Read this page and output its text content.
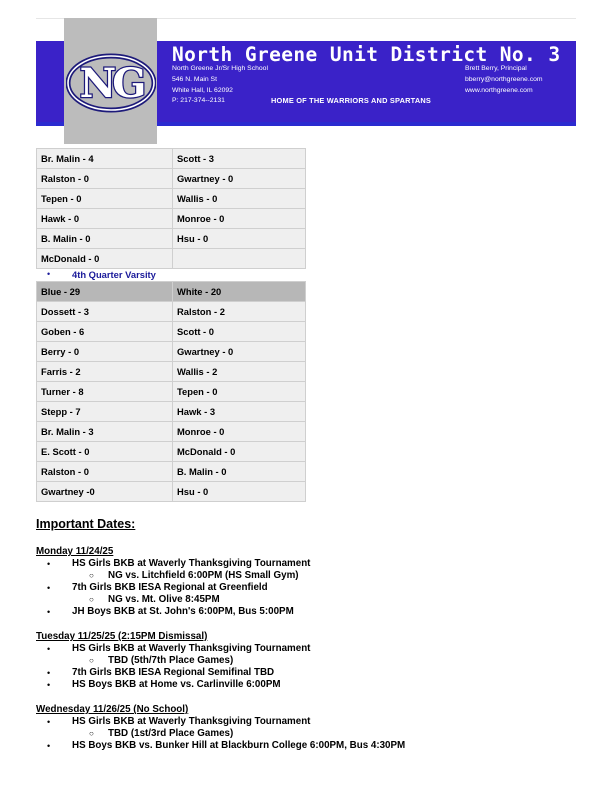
NG
North Greene Unit District No. 3
North Greene Jr/Sr High School
546 N. Main St
White Hall, IL 62092
P: 217-374--2131
Brett Berry, Principal
bberry@northgreene.com
www.northgreene.com
HOME OF THE WARRIORS AND SPARTANS
Br. Malin - 4	Scott - 3
Ralston - 0	Gwartney - 0
Tepen - 0	Wallis - 0
Hawk - 0	Monroe - 0
B. Malin - 0	Hsu - 0
McDonald - 0	
• 4th Quarter Varsity
Blue - 29	White - 20
Dossett - 3	Ralston - 2
Goben - 6	Scott - 0
Berry - 0	Gwartney - 0
Farris - 2	Wallis - 2
Turner - 8	Tepen - 0
Stepp - 7	Hawk - 3
Br. Malin - 3	Monroe - 0
E. Scott - 0	McDonald - 0
Ralston - 0	B. Malin - 0
Gwartney -0	Hsu - 0
Important Dates:
Monday 11/24/25
• HS Girls BKB at Waverly Thanksgiving Tournament
○ NG vs. Litchfield 6:00PM (HS Small Gym)
• 7th Girls BKB IESA Regional at Greenfield
○ NG vs. Mt. Olive 8:45PM
• JH Boys BKB at St. John's 6:00PM, Bus 5:00PM
Tuesday 11/25/25 (2:15PM Dismissal)
• HS Girls BKB at Waverly Thanksgiving Tournament
○ TBD (5th/7th Place Games)
• 7th Girls BKB IESA Regional Semifinal TBD
• HS Boys BKB at Home vs. Carlinville 6:00PM
Wednesday 11/26/25 (No School)
• HS Girls BKB at Waverly Thanksgiving Tournament
○ TBD (1st/3rd Place Games)
• HS Boys BKB vs. Bunker Hill at Blackburn College 6:00PM, Bus 4:30PM
